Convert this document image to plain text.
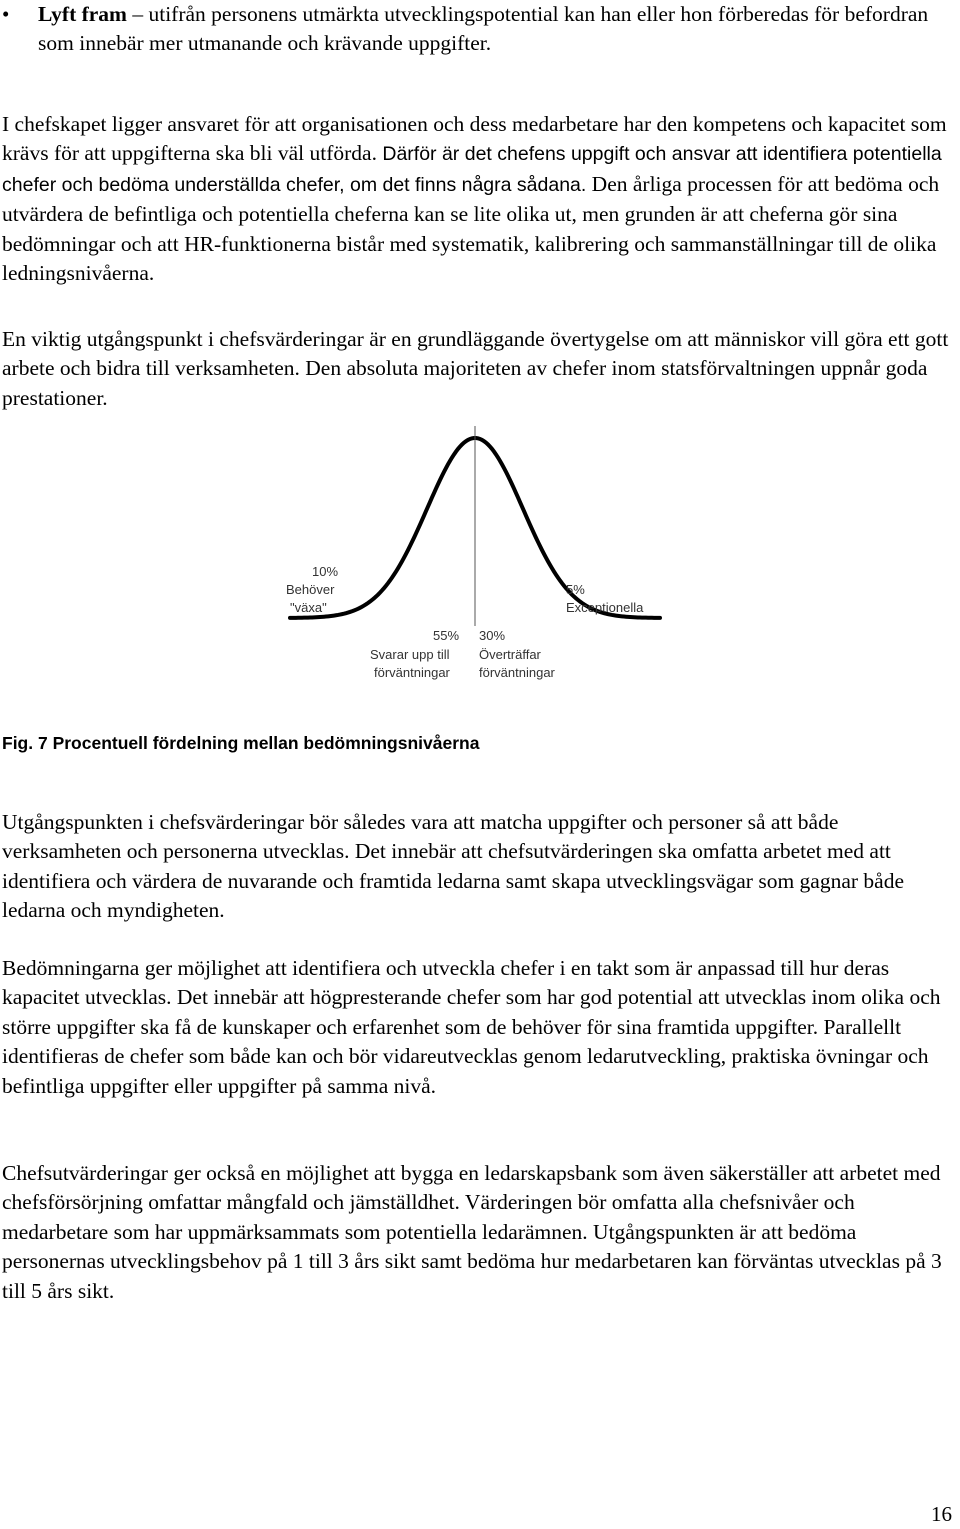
• Lyft fram – utifrån personens utmärkta utvecklingspotential kan han eller hon förberedas för befordran som innebär mer utmanande och krävande uppgifter.

I chefskapet ligger ansvaret för att organisationen och dess medarbetare har den kompetens och kapacitet som krävs för att uppgifterna ska bli väl utförda. Därför är det chefens uppgift och ansvar att identifiera potentiella chefer och bedöma underställda chefer, om det finns några sådana. Den årliga processen för att bedöma och utvärdera de befintliga och potentiella cheferna kan se lite olika ut, men grunden är att cheferna gör sina bedömningar och att HR-funktionerna bistår med systematik, kalibrering och sammanställningar till de olika ledningsnivåerna.

En viktig utgångspunkt i chefsvärderingar är en grundläggande övertygelse om att människor vill göra ett gott arbete och bidra till verksamheten. Den absoluta majoriteten av chefer inom statsförvaltningen uppnår goda prestationer.

10%
Behöver
"växa"
5%
Exceptionella
55%
Svarar upp till
förväntningar
30%
Överträffar
förväntningar
Fig. 7 Procentuell fördelning mellan bedömningsnivåerna

Utgångspunkten i chefsvärderingar bör således vara att matcha uppgifter och personer så att både verksamheten och personerna utvecklas. Det innebär att chefsutvärderingen ska omfatta arbetet med att identifiera och värdera de nuvarande och framtida ledarna samt skapa utvecklingsvägar som gagnar både ledarna och myndigheten.

Bedömningarna ger möjlighet att identifiera och utveckla chefer i en takt som är anpassad till hur deras kapacitet utvecklas. Det innebär att högpresterande chefer som har god potential att utvecklas inom olika och större uppgifter ska få de kunskaper och erfarenhet som de behöver för sina framtida uppgifter. Parallellt identifieras de chefer som både kan och bör vidareutvecklas genom ledarutveckling, praktiska övningar och befintliga uppgifter eller uppgifter på samma nivå.

Chefsutvärderingar ger också en möjlighet att bygga en ledarskapsbank som även säkerställer att arbetet med chefsförsörjning omfattar mångfald och jämställdhet. Värderingen bör omfatta alla chefsnivåer och medarbetare som har uppmärksammats som potentiella ledarämnen. Utgångspunkten är att bedöma personernas utvecklingsbehov på 1 till 3 års sikt samt bedöma hur medarbetaren kan förväntas utvecklas på 3 till 5 års sikt.

16
